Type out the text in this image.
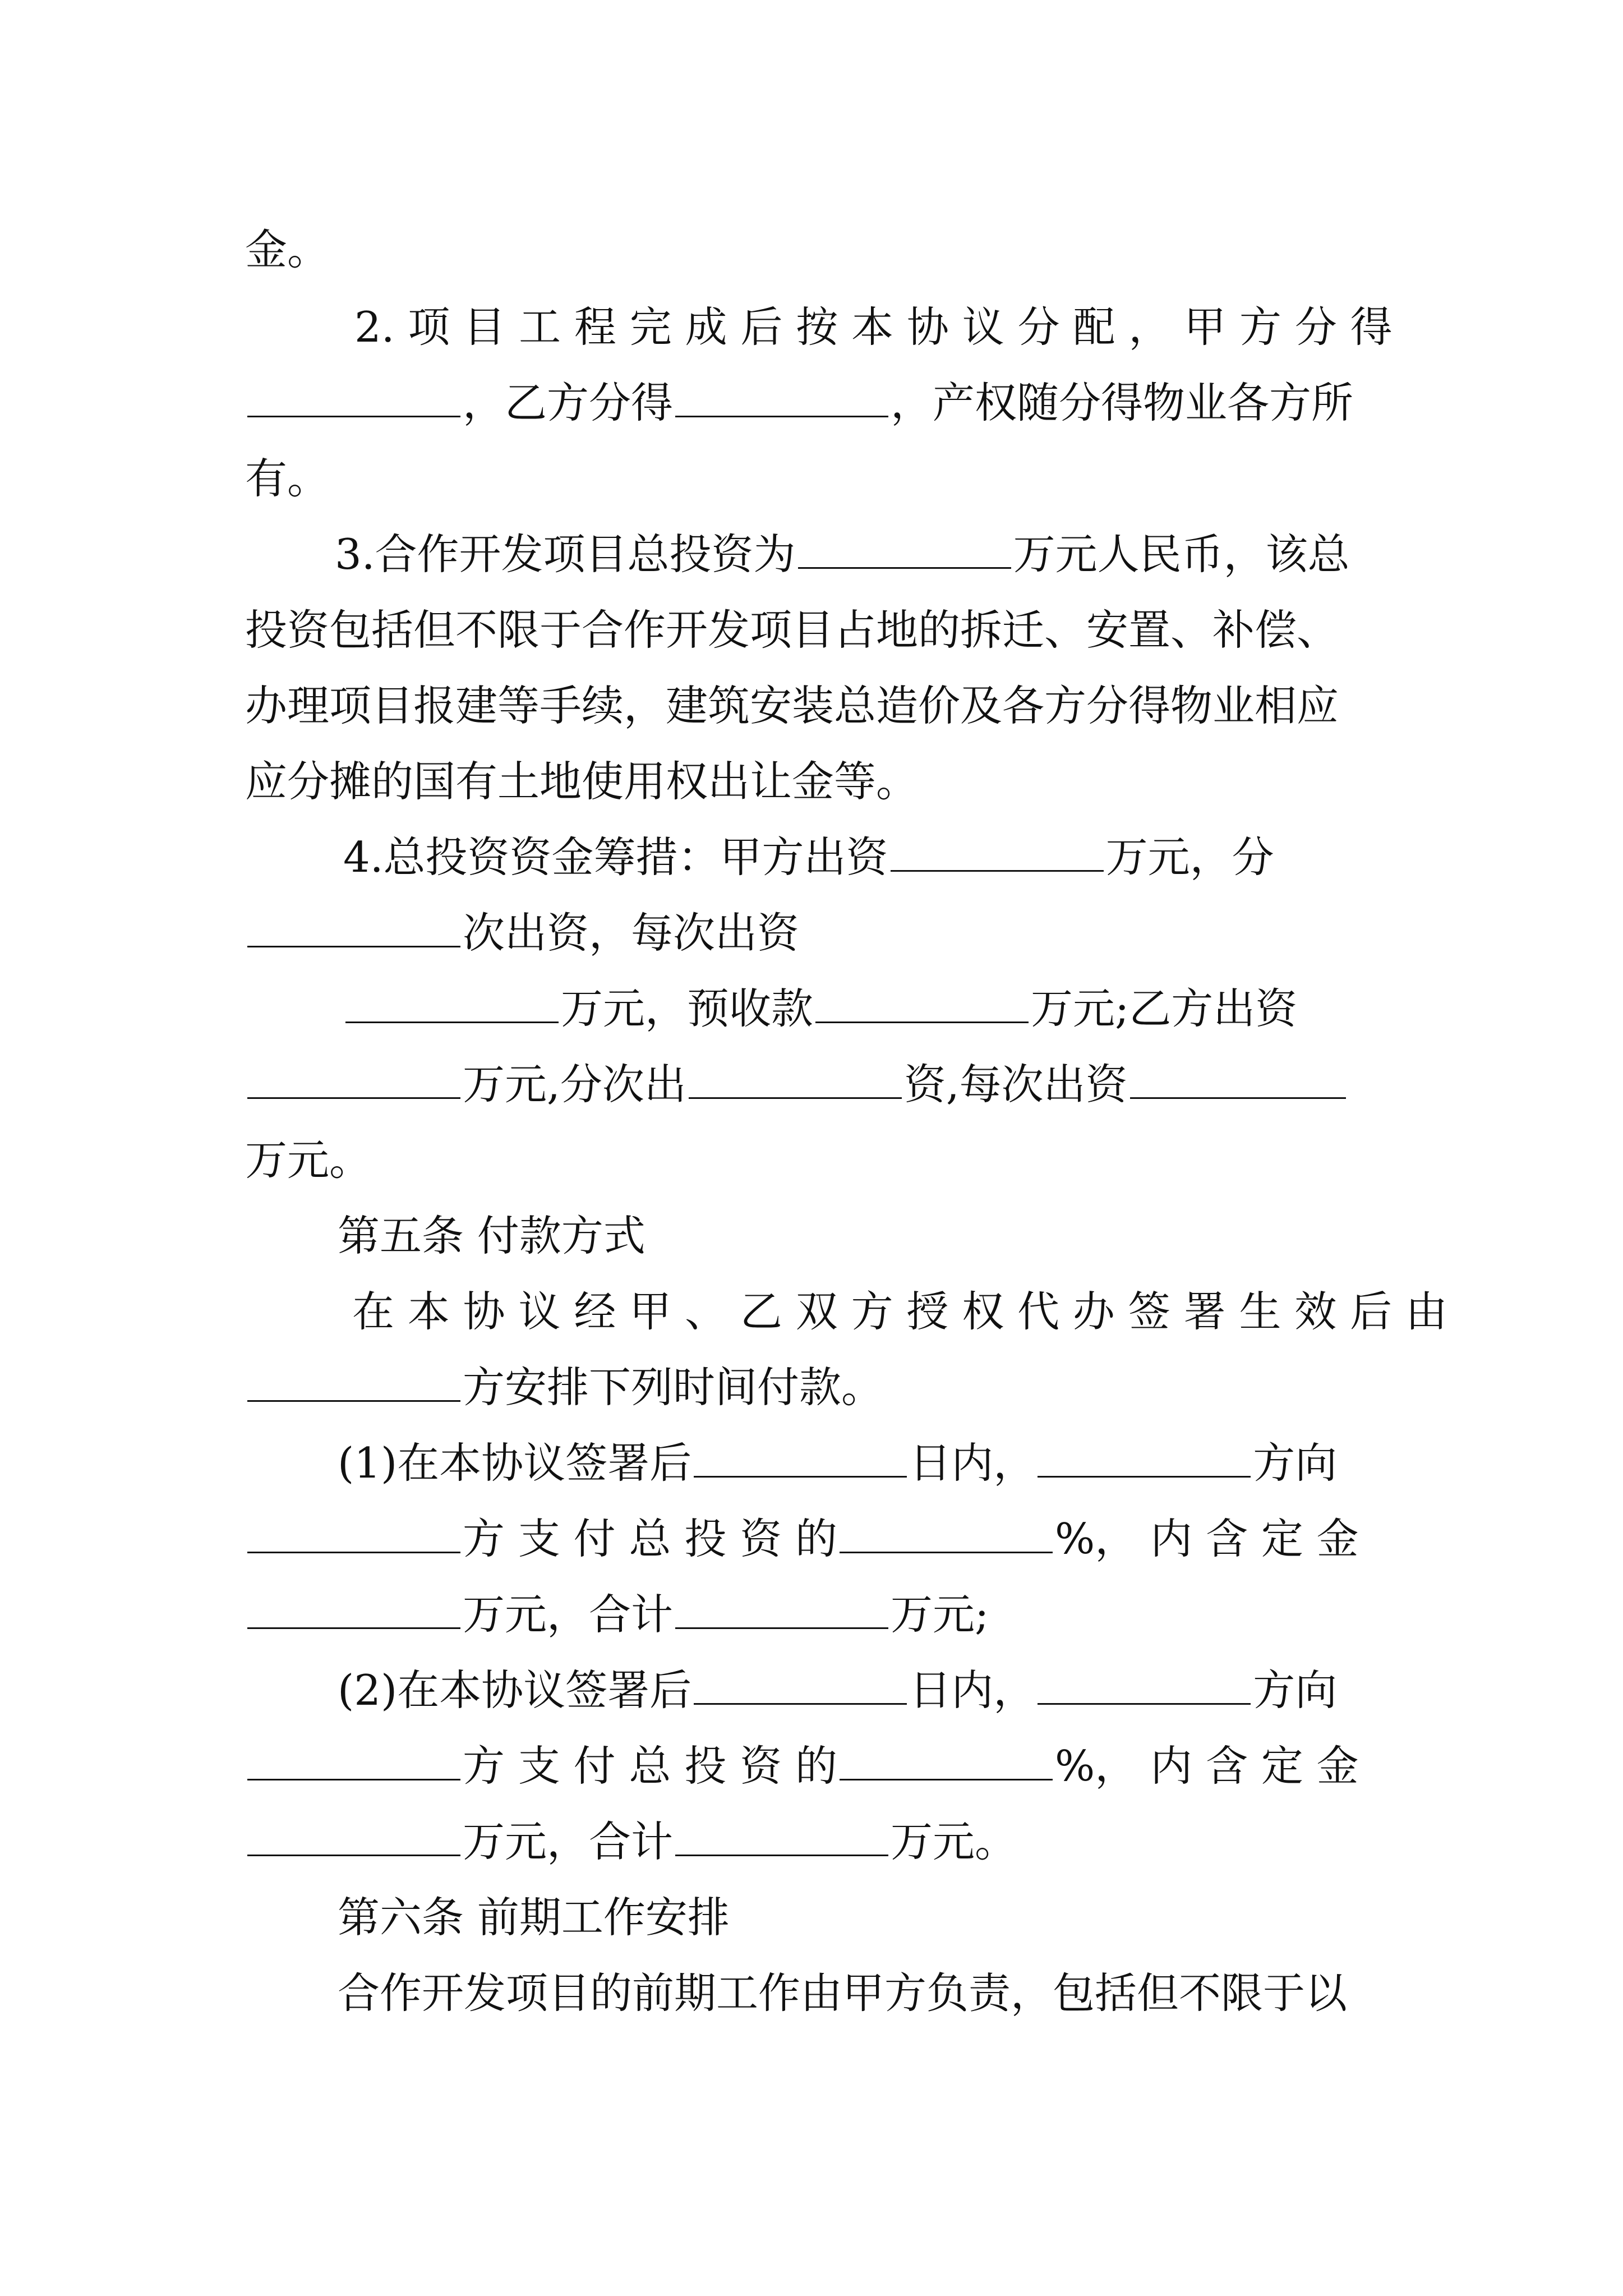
金。

2. 项 目 工 程 完 成 后 按 本 协 议 分 配 ， 甲 方 分 得

，乙方分得	，产权随分得物业各方所

有。

3.合作开发项目总投资为	万元人民币，该总

投资包括但不限于合作开发项目占地的拆迁、安置、补偿、

办理项目报建等手续，建筑安装总造价及各方分得物业相应

应分摊的国有土地使用权出让金等。

4.总投资资金筹措：甲方出资	万元，分

次出资，每次出资

万元，预收款	万元;乙方出资

万元,分次出	资,每次出资

万元。

第五条 付款方式

在 本 协 议 经 甲 、 乙 双 方 授 权 代 办 签 署 生 效 后 由

方安排下列时间付款。

(1)在本协议签署后	日内，	方向

方 支 付 总 投 资 的	%， 内 含 定 金

万元，合计	万元;

(2)在本协议签署后	日内，	方向

方 支 付 总 投 资 的	%， 内 含 定 金

万元，合计	万元。

第六条 前期工作安排

合作开发项目的前期工作由甲方负责，包括但不限于以
